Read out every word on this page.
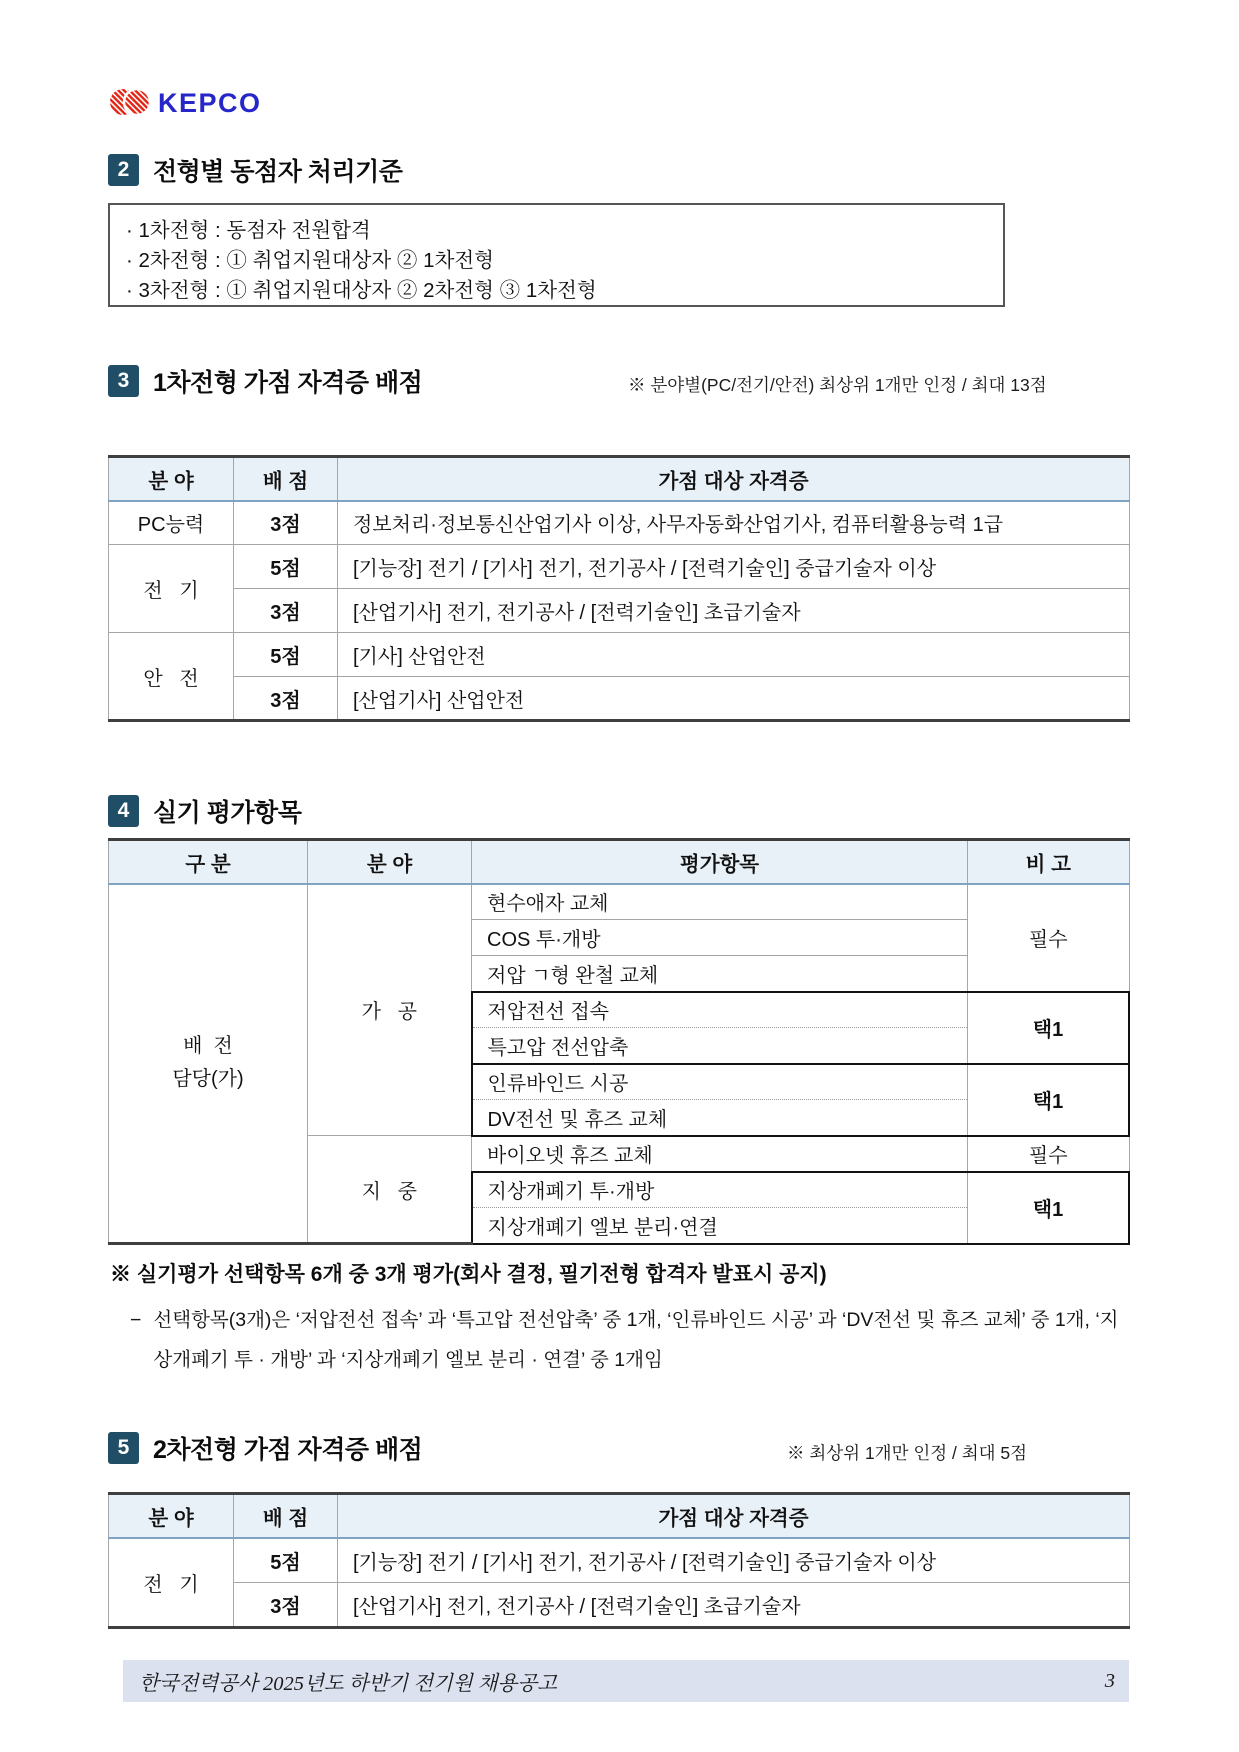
KEPCO
2 전형별 동점자 처리기준
· 1차전형 : 동점자 전원합격
· 2차전형 : ① 취업지원대상자 ② 1차전형
· 3차전형 : ① 취업지원대상자 ② 2차전형 ③ 1차전형
3 1차전형 가점 자격증 배점	※ 분야별(PC/전기/안전) 최상위 1개만 인정 / 최대 13점
분 야	배 점	가점 대상 자격증
PC능력	3점	정보처리·정보통신산업기사 이상, 사무자동화산업기사, 컴퓨터활용능력 1급
전   기	5점	[기능장] 전기 / [기사] 전기, 전기공사 / [전력기술인] 중급기술자 이상
	3점	[산업기사] 전기, 전기공사 / [전력기술인] 초급기술자
안   전	5점	[기사] 산업안전
	3점	[산업기사] 산업안전
4 실기 평가항목
구 분	분 야	평가항목	비 고

배  전
담당(가)	가   공	현수애자 교체	필수
		COS 투·개방	
		저압 ㄱ형 완철 교체	
		저압전선 접속	택1
		특고압 전선압축	
		인류바인드 시공	택1
		DV전선 및 휴즈 교체	
	지   중	바이오넷 휴즈 교체	필수
		지상개폐기 투·개방	택1
		지상개폐기 엘보 분리·연결	
※ 실기평가 선택항목 6개 중 3개 평가(회사 결정, 필기전형 합격자 발표시 공지)
− 선택항목(3개)은 ‘저압전선 접속’ 과 ‘특고압 전선압축’ 중 1개, ‘인류바인드 시공’ 과 ‘DV전선 및 휴즈 교체’ 중 1개, ‘지상개폐기 투 · 개방’ 과 ‘지상개폐기 엘보 분리 · 연결’ 중 1개임
5 2차전형 가점 자격증 배점	※ 최상위 1개만 인정 / 최대 5점
분 야	배 점	가점 대상 자격증
전   기	5점	[기능장] 전기 / [기사] 전기, 전기공사 / [전력기술인] 중급기술자 이상
	3점	[산업기사] 전기, 전기공사 / [전력기술인] 초급기술자
한국전력공사 2025년도 하반기 전기원 채용공고	3
